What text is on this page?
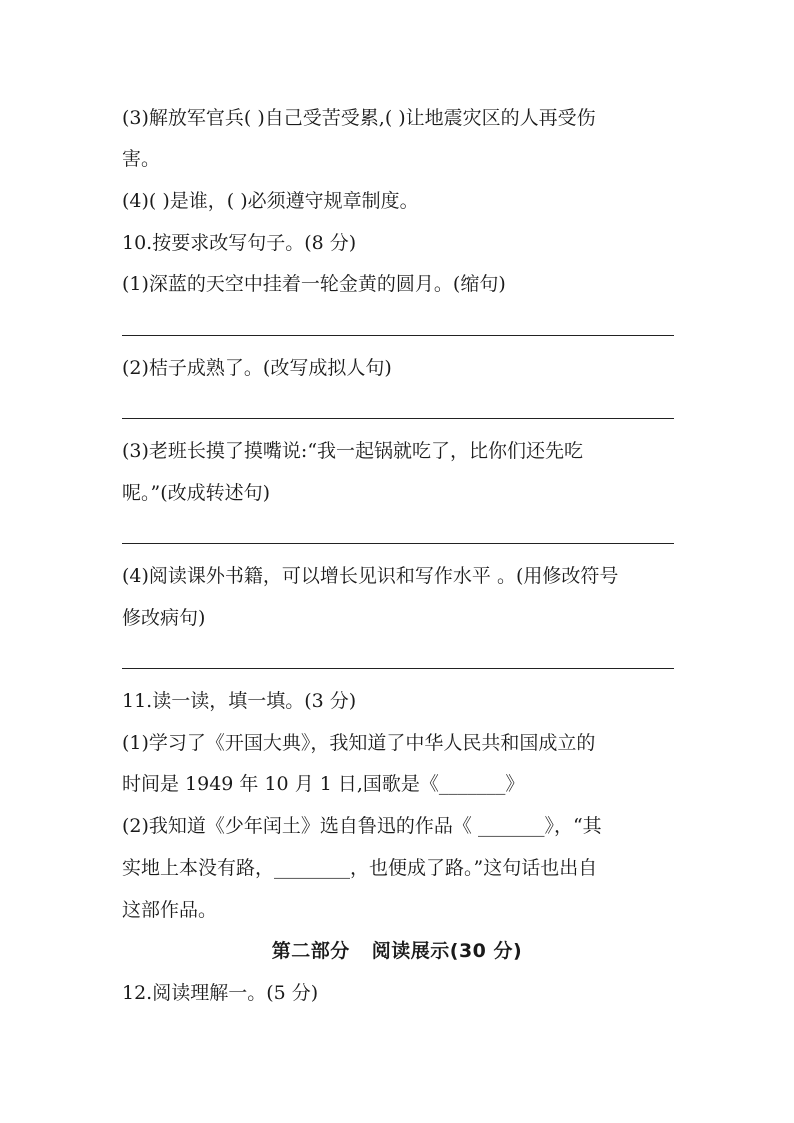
(3)解放军官兵( )自己受苦受累,( )让地震灾区的人再受伤
害。
(4)( )是谁，( )必须遵守规章制度。
10.按要求改写句子。(8 分)
(1)深蓝的天空中挂着一轮金黄的圆月。(缩句)
(2)桔子成熟了。(改写成拟人句)
(3)老班长摸了摸嘴说:“我一起锅就吃了，比你们还先吃
呢。”(改成转述句)
(4)阅读课外书籍，可以增长见识和写作水平 。(用修改符号
修改病句)
11.读一读，填一填。(3 分)
(1)学习了《开国大典》，我知道了中华人民共和国成立的
时间是 1949 年 10 月 1 日,国歌是《_______》
(2)我知道《少年闰土》选自鲁迅的作品《 _______》，“其
实地上本没有路，________，也便成了路。”这句话也出自
这部作品。
第二部分 阅读展示(30 分)
12.阅读理解一。(5 分)
